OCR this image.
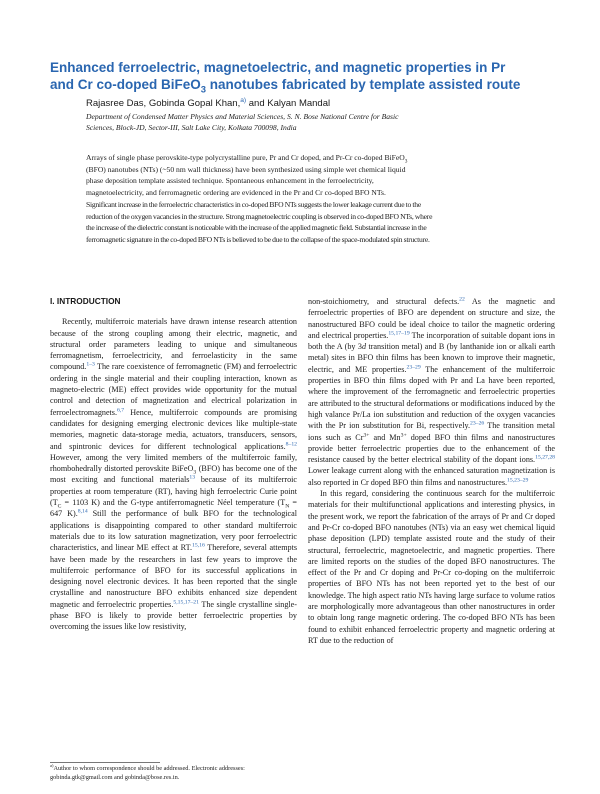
Enhanced ferroelectric, magnetoelectric, and magnetic properties in Pr
and Cr co-doped BiFeO$_3$ nanotubes fabricated by template assisted route
Rajasree Das, Gobinda Gopal Khan,$^{a)}$ and Kalyan Mandal
Department of Condensed Matter Physics and Material Sciences, S. N. Bose National Centre for Basic
Sciences, Block-JD, Sector-III, Salt Lake City, Kolkata 700098, India
Arrays of single phase perovskite-type polycrystalline pure, Pr and Cr doped, and Pr-Cr co-doped BiFeO$_3$
(BFO) nanotubes (NTs) (~50 nm wall thickness) have been synthesized using simple wet chemical liquid
phase deposition template assisted technique. Spontaneous enhancement in the ferroelectricity,
magnetoelectricity, and ferromagnetic ordering are evidenced in the Pr and Cr co-doped BFO NTs.
Significant increase in the ferroelectric characteristics in co-doped BFO NTs suggests the lower leakage current due to the
reduction of the oxygen vacancies in the structure. Strong magnetoelectric coupling is observed in co-doped BFO NTs, where
the increase of the dielectric constant is noticeable with the increase of the applied magnetic field. Substantial increase in the
ferromagnetic signature in the co-doped BFO NTs is believed to be due to the collapse of the space-modulated spin structure.

I. INTRODUCTION

Recently, multiferroic materials have drawn intense research attention because of the strong coupling among their electric, magnetic, and structural order parameters leading to unique and simultaneous ferromagnetism, ferroelectricity, and ferroelasticity in the same compound.$^{1-3}$ The rare coexistence of ferromagnetic (FM) and ferroelectric ordering in the single material and their coupling interaction, known as magneto-electric (ME) effect provides wide opportunity for the mutual control and detection of magnetization and electrical polarization in ferroelectromagnets.$^{6,7}$ Hence, multiferroic compounds are promising candidates for designing emerging electronic devices like multiple-state memories, magnetic data-storage media, actuators, transducers, sensors, and spintronic devices for different technological applications.$^{8-12}$ However, among the very limited members of the multiferroic family, rhombohedrally distorted perovskite BiFeO$_3$ (BFO) has become one of the most exciting and functional materials$^{13}$ because of its multiferroic properties at room temperature (RT), having high ferroelectric Curie point ($T_C = 1103$ K) and the G-type antiferromagnetic Néel temperature ($T_N = 647$ K).$^{8,14}$ Still the performance of bulk BFO for the technological applications is disappointing compared to other standard multiferroic materials due to its low saturation magnetization, very poor ferroelectric characteristics, and linear ME effect at RT.$^{15,16}$ Therefore, several attempts have been made by the researchers in last few years to improve the multiferroic performance of BFO for its successful applications in designing novel electronic devices. It has been reported that the single crystalline and nanostructure BFO exhibits enhanced size dependent magnetic and ferroelectric properties.$^{5,15,17-21}$ The single crystalline single-phase BFO is likely to provide better ferroelectric properties by overcoming the issues like low resistivity,

non-stoichiometry, and structural defects.$^{22}$ As the magnetic and ferroelectric properties of BFO are dependent on structure and size, the nanostructured BFO could be ideal choice to tailor the magnetic ordering and electrical properties.$^{15,17-19}$ The incorporation of suitable dopant ions in both the A (by 3d transition metal) and B (by lanthanide ion or alkali earth metal) sites in BFO thin films has been known to improve their magnetic, electric, and ME properties.$^{23-29}$ The enhancement of the multiferroic properties in BFO thin films doped with Pr and La have been reported, where the improvement of the ferromagnetic and ferroelectric properties are attributed to the structural deformations or modifications induced by the high valance Pr/La ion substitution and reduction of the oxygen vacancies with the Pr ion substitution for Bi, respectively.$^{23-26}$ The transition metal ions such as $Cr^{3+}$ and $Mn^{3+}$ doped BFO thin films and nanostructures provide better ferroelectric properties due to the enhancement of the resistance caused by the better electrical stability of the dopant ions.$^{15,27,28}$ Lower leakage current along with the enhanced saturation magnetization is also reported in Cr doped BFO thin films and nanostructures.$^{15,23-29}$

In this regard, considering the continuous search for the multiferroic materials for their multifunctional applications and interesting physics, in the present work, we report the fabrication of the arrays of Pr and Cr doped and Pr-Cr co-doped BFO nanotubes (NTs) via an easy wet chemical liquid phase deposition (LPD) template assisted route and the study of their structural, ferroelectric, magnetoelectric, and magnetic properties. There are limited reports on the studies of the doped BFO nanostructures. The effect of the Pr and Cr doping and Pr-Cr co-doping on the multiferroic properties of BFO NTs has not been reported yet to the best of our knowledge. The high aspect ratio NTs having large surface to volume ratios are morphologically more advantageous than other nanostructures in order to obtain long range magnetic ordering. The co-doped BFO NTs has been found to exhibit enhanced ferroelectric property and magnetic ordering at RT due to the reduction of

$^{a)}$Author to whom correspondence should be addressed. Electronic addresses:
gobinda.gtk@gmail.com and gobinda@bose.res.in.
